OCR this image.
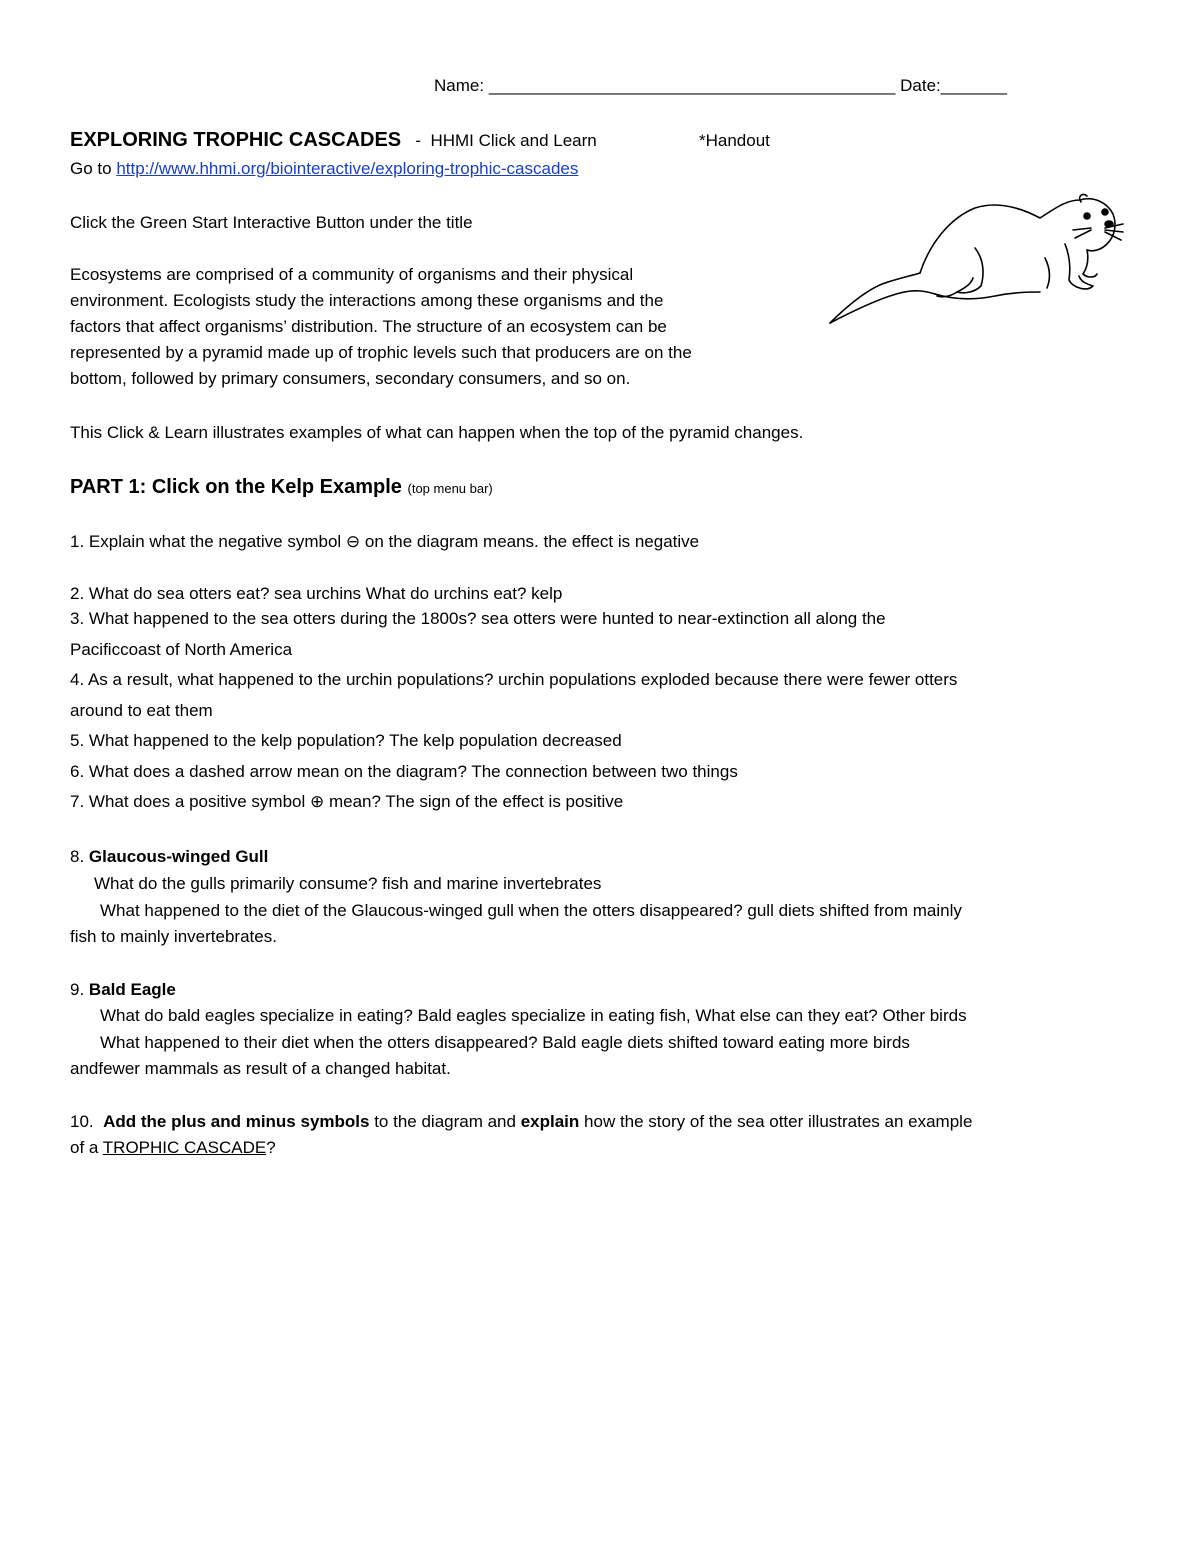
Name: ___________________________________________ Date:_______
EXPLORING TROPHIC CASCADES - HHMI Click and Learn	*Handout
Go to http://www.hhmi.org/biointeractive/exploring-trophic-cascades
Click the Green Start Interactive Button under the title
Ecosystems are comprised of a community of organisms and their physical
environment. Ecologists study the interactions among these organisms and the
factors that affect organisms’ distribution. The structure of an ecosystem can be
represented by a pyramid made up of trophic levels such that producers are on the
bottom, followed by primary consumers, secondary consumers, and so on.
This Click & Learn illustrates examples of what can happen when the top of the pyramid changes.
PART 1: Click on the Kelp Example (top menu bar)
1. Explain what the negative symbol ⊖ on the diagram means. the effect is negative
2. What do sea otters eat? sea urchins What do urchins eat? kelp
3. What happened to the sea otters during the 1800s? sea otters were hunted to near-extinction all along the
Pacificcoast of North America
4. As a result, what happened to the urchin populations? urchin populations exploded because there were fewer otters
around to eat them
5. What happened to the kelp population? The kelp population decreased
6. What does a dashed arrow mean on the diagram? The connection between two things
7. What does a positive symbol ⊕ mean? The sign of the effect is positive
8. Glaucous-winged Gull
What do the gulls primarily consume? fish and marine invertebrates
What happened to the diet of the Glaucous-winged gull when the otters disappeared? gull diets shifted from mainly
fish to mainly invertebrates.
9. Bald Eagle
What do bald eagles specialize in eating? Bald eagles specialize in eating fish, What else can they eat? Other birds
What happened to their diet when the otters disappeared? Bald eagle diets shifted toward eating more birds
andfewer mammals as result of a changed habitat.
10. Add the plus and minus symbols to the diagram and explain how the story of the sea otter illustrates an example
of a TROPHIC CASCADE?
